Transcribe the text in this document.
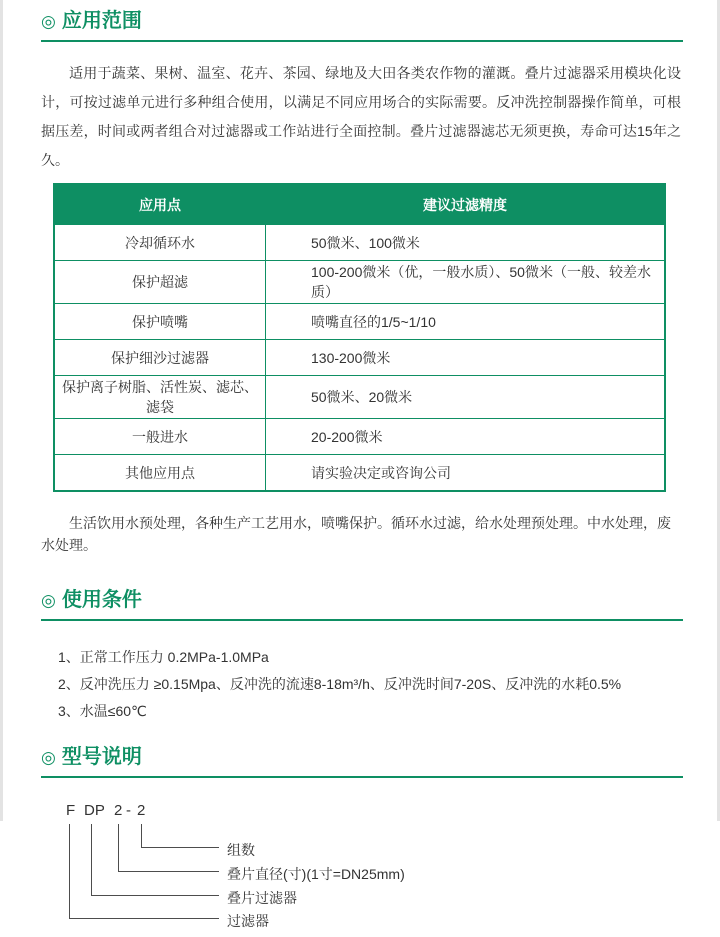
◎ 应用范围

适用于蔬菜、果树、温室、花卉、茶园、绿地及大田各类农作物的灌溉。叠片过滤器采用模块化设计，可按过滤单元进行多种组合使用，以满足不同应用场合的实际需要。反冲洗控制器操作简单，可根据压差，时间或两者组合对过滤器或工作站进行全面控制。叠片过滤器滤芯无须更换，寿命可达15年之久。

应用点	建议过滤精度
冷却循环水	50微米、100微米
保护超滤	100-200微米（优，一般水质）、50微米（一般、较差水质）
保护喷嘴	喷嘴直径的1/5~1/10
保护细沙过滤器	130-200微米
保护离子树脂、活性炭、滤芯、滤袋	50微米、20微米
一般进水	20-200微米
其他应用点	请实验决定或咨询公司

生活饮用水预处理，各种生产工艺用水，喷嘴保护。循环水过滤，给水处理预处理。中水处理，废水处理。

◎ 使用条件
1、正常工作压力 0.2MPa-1.0MPa
2、反冲洗压力 ≥0.15Mpa、反冲洗的流速8-18m³/h、反冲洗时间7-20S、反冲洗的水耗0.5%
3、水温≤60℃
◎ 型号说明
F DP 2 - 2
组数
叠片直径(寸)(1寸=DN25mm)
叠片过滤器
过滤器
